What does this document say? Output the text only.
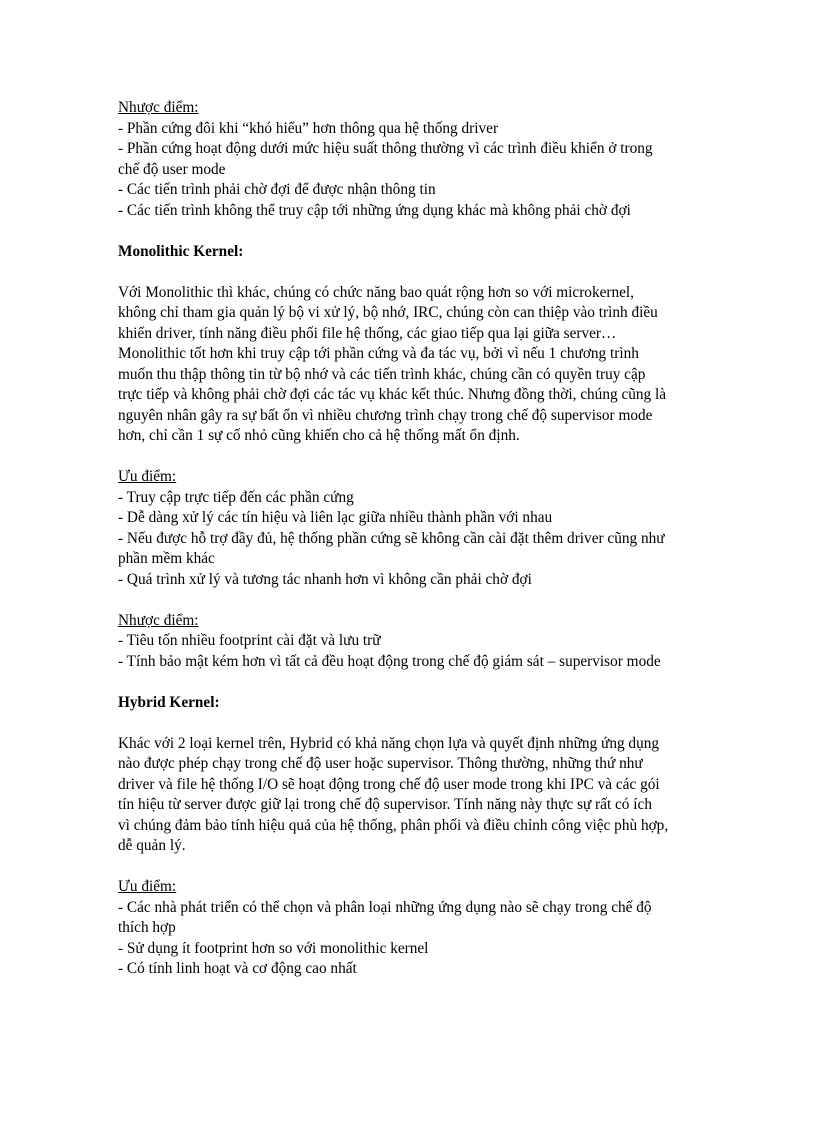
Nhược điểm:
- Phần cứng đôi khi “khó hiểu” hơn thông qua hệ thống driver
- Phần cứng hoạt động dưới mức hiệu suất thông thường vì các trình điều khiển ở trong
chế độ user mode
- Các tiến trình phải chờ đợi để được nhận thông tin
- Các tiến trình không thể truy cập tới những ứng dụng khác mà không phải chờ đợi
Monolithic Kernel:
Với Monolithic thì khác, chúng có chức năng bao quát rộng hơn so với microkernel,
không chỉ tham gia quản lý bộ vi xử lý, bộ nhớ, IRC, chúng còn can thiệp vào trình điều
khiển driver, tính năng điều phối file hệ thống, các giao tiếp qua lại giữa server…
Monolithic tốt hơn khi truy cập tới phần cứng và đa tác vụ, bởi vì nếu 1 chương trình
muốn thu thập thông tin từ bộ nhớ và các tiến trình khác, chúng cần có quyền truy cập
trực tiếp và không phải chờ đợi các tác vụ khác kết thúc. Nhưng đồng thời, chúng cũng là
nguyên nhân gây ra sự bất ổn vì nhiều chương trình chạy trong chế độ supervisor mode
hơn, chỉ cần 1 sự cố nhỏ cũng khiến cho cả hệ thống mất ổn định.
Ưu điểm:
- Truy cập trực tiếp đến các phần cứng
- Dễ dàng xử lý các tín hiệu và liên lạc giữa nhiều thành phần với nhau
- Nếu được hỗ trợ đầy đủ, hệ thống phần cứng sẽ không cần cài đặt thêm driver cũng như
phần mềm khác
- Quá trình xử lý và tương tác nhanh hơn vì không cần phải chờ đợi
Nhược điểm:
- Tiêu tốn nhiều footprint cài đặt và lưu trữ
- Tính bảo mật kém hơn vì tất cả đều hoạt động trong chế độ giám sát – supervisor mode
Hybrid Kernel:
Khác với 2 loại kernel trên, Hybrid có khả năng chọn lựa và quyết định những ứng dụng
nào được phép chạy trong chế độ user hoặc supervisor. Thông thường, những thứ như
driver và file hệ thống I/O sẽ hoạt động trong chế độ user mode trong khi IPC và các gói
tín hiệu từ server được giữ lại trong chế độ supervisor. Tính năng này thực sự rất có ích
vì chúng đảm bảo tính hiệu quả của hệ thống, phân phối và điều chỉnh công việc phù hợp,
dễ quản lý.
Ưu điểm:
- Các nhà phát triển có thể chọn và phân loại những ứng dụng nào sẽ chạy trong chế độ
thích hợp
- Sử dụng ít footprint hơn so với monolithic kernel
- Có tính linh hoạt và cơ động cao nhất
